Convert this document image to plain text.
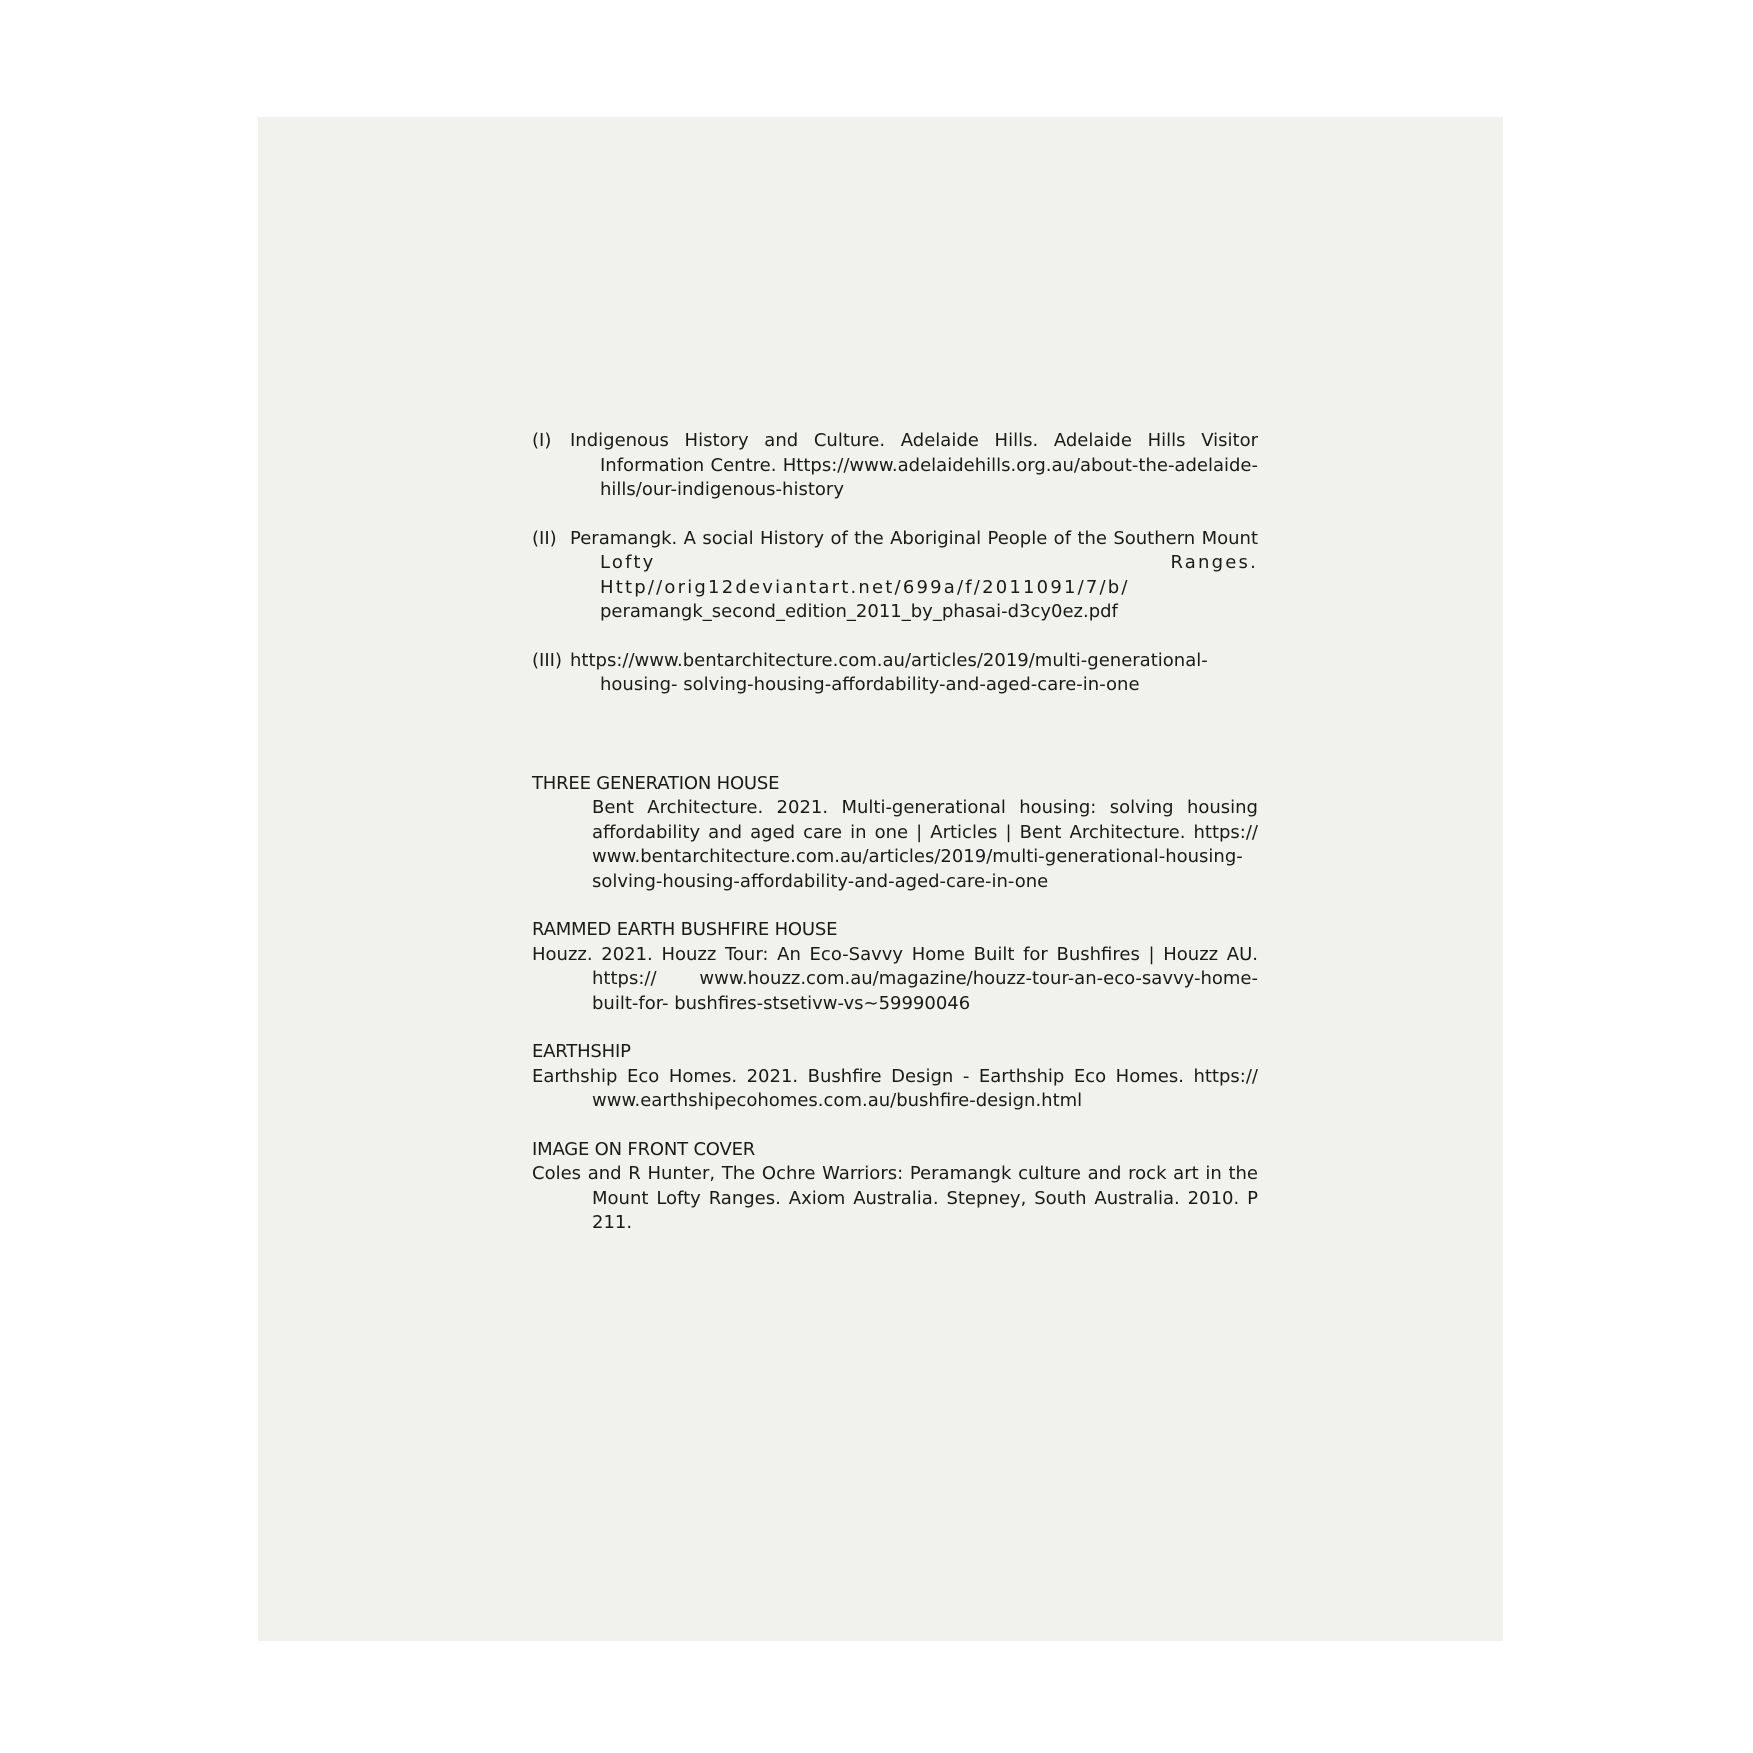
(I) Indigenous History and Culture. Adelaide Hills. Adelaide Hills Visitor Information Centre. Https://www.adelaidehills.org.au/about-the-adelaide- hills/our-indigenous-history
(II) Peramangk. A social History of the Aboriginal People of the Southern Mount Lofty Ranges. Http//orig12deviantart.net/699a/f/2011091/7/b/ peramangk_second_edition_2011_by_phasai-d3cy0ez.pdf
(III) https://www.bentarchitecture.com.au/articles/2019/multi-generational-housing- solving-housing-affordability-and-aged-care-in-one
THREE GENERATION HOUSE
Bent Architecture. 2021. Multi-generational housing: solving housing affordability and aged care in one | Articles | Bent Architecture. https:// www.bentarchitecture.com.au/articles/2019/multi-generational-housing- solving-housing-affordability-and-aged-care-in-one
RAMMED EARTH BUSHFIRE HOUSE
Houzz. 2021. Houzz Tour: An Eco-Savvy Home Built for Bushfires | Houzz AU. https:// www.houzz.com.au/magazine/houzz-tour-an-eco-savvy-home-built-for- bushfires-stsetivw-vs~59990046
EARTHSHIP
Earthship Eco Homes. 2021. Bushfire Design - Earthship Eco Homes. https:// www.earthshipecohomes.com.au/bushfire-design.html
IMAGE ON FRONT COVER
Coles and R Hunter, The Ochre Warriors: Peramangk culture and rock art in the Mount Lofty Ranges. Axiom Australia. Stepney, South Australia. 2010. P 211.
